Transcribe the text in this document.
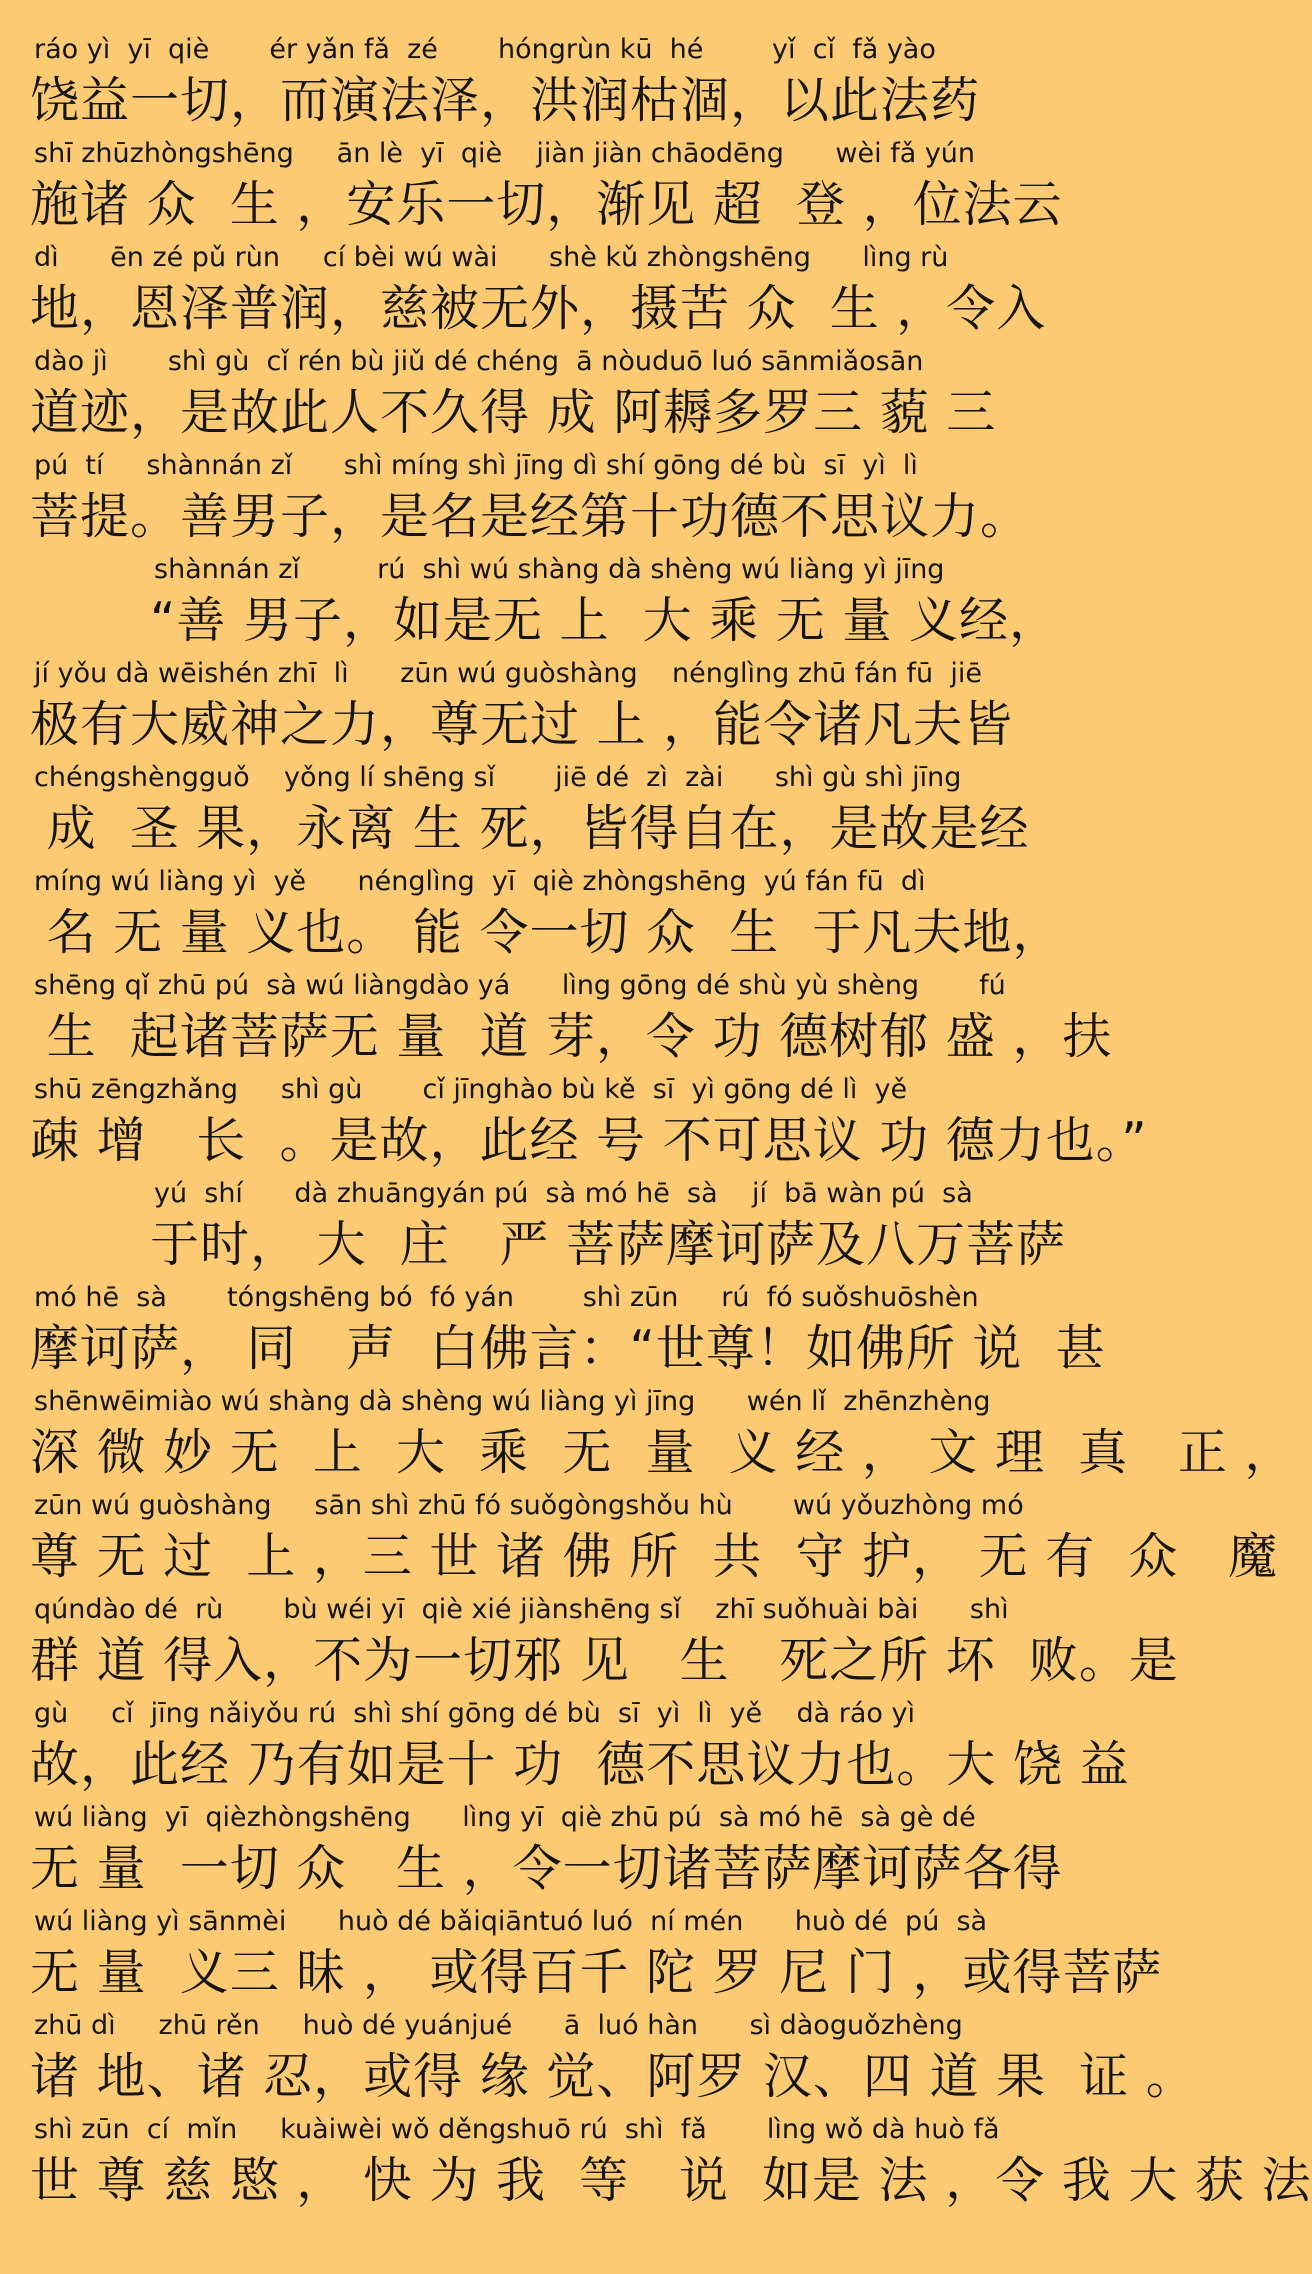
ráo yì  yī  qiè       ér yǎn fǎ  zé       hóngrùn kū  hé        yǐ  cǐ  fǎ yào
饶益一切，而演法泽，洪润枯涸，以此法药
shī zhūzhòngshēng     ān lè  yī  qiè    jiàn jiàn chāodēng      wèi fǎ yún
施诸 众  生 ，安乐一切，渐见 超  登 ，位法云
dì      ēn zé pǔ rùn     cí bèi wú wài      shè kǔ zhòngshēng      lìng rù
地，恩泽普润，慈被无外，摄苦 众  生 ，令入
dào jì       shì gù  cǐ rén bù jiǔ dé chéng  ā nòuduō luó sānmiǎosān
道迹，是故此人不久得 成 阿耨多罗三 藐 三
pú  tí     shànnán zǐ      shì míng shì jīng dì shí gōng dé bù  sī  yì  lì
菩提。善男子，是名是经第十功德不思议力。
shànnán zǐ         rú  shì wú shàng dà shèng wú liàng yì jīng
“善 男子，如是无 上  大 乘 无 量 义经，
jí yǒu dà wēishén zhī  lì      zūn wú guòshàng    nénglìng zhū fán fū  jiē
极有大威神之力，尊无过 上 ，能令诸凡夫皆
chéngshèngguǒ    yǒng lí shēng sǐ       jiē dé  zì  zài      shì gù shì jīng
成  圣 果，永离 生 死，皆得自在，是故是经
míng wú liàng yì  yě      nénglìng  yī  qiè zhòngshēng  yú fán fū  dì
名 无 量 义也。 能 令一切 众  生  于凡夫地，
shēng qǐ zhū pú  sà wú liàngdào yá      lìng gōng dé shù yù shèng       fú
生  起诸菩萨无 量  道 芽，令 功 德树郁 盛 ，扶
shū zēngzhǎng     shì gù       cǐ jīnghào bù kě  sī  yì gōng dé lì  yě
疎 增   长  。是故，此经 号 不可思议 功 德力也。”
yú  shí      dà zhuāngyán pú  sà mó hē  sà    jí  bā wàn pú  sà
于时， 大  庄   严 菩萨摩诃萨及八万菩萨
mó hē  sà       tóngshēng bó  fó yán        shì zūn     rú  fó suǒshuōshèn
摩诃萨， 同   声  白佛言：“世尊！如佛所 说  甚
shēnwēimiào wú shàng dà shèng wú liàng yì jīng      wén lǐ  zhēnzhèng
深 微 妙 无  上  大  乘  无  量  义 经 ， 文 理  真   正 ，
zūn wú guòshàng     sān shì zhū fó suǒgòngshǒu hù       wú yǒuzhòng mó
尊 无 过  上 ，三 世 诸 佛 所  共  守 护， 无 有  众   魔
qúndào dé  rù       bù wéi yī  qiè xié jiànshēng sǐ    zhī suǒhuài bài      shì
群 道 得入，不为一切邪 见   生   死之所 坏  败。是
gù     cǐ  jīng nǎiyǒu rú  shì shí gōng dé bù  sī  yì  lì  yě    dà ráo yì
故，此经 乃有如是十 功  德不思议力也。大 饶 益
wú liàng  yī  qièzhòngshēng      lìng yī  qiè zhū pú  sà mó hē  sà gè dé
无 量  一切 众   生 ，令一切诸菩萨摩诃萨各得
wú liàng yì sānmèi      huò dé bǎiqiāntuó luó  ní mén      huò dé  pú  sà
无 量  义三 昧 ， 或得百千 陀 罗 尼 门 ，或得菩萨
zhū dì     zhū rěn     huò dé yuánjué      ā  luó hàn      sì dàoguǒzhèng
诸 地、诸 忍，或得 缘 觉、阿罗 汉、四 道 果  证 。
shì zūn  cí  mǐn     kuàiwèi wǒ děngshuō rú  shì  fǎ       lìng wǒ dà huò fǎ
世 尊 慈 愍 ， 快 为 我  等   说  如是 法 ，令 我 大 获 法
